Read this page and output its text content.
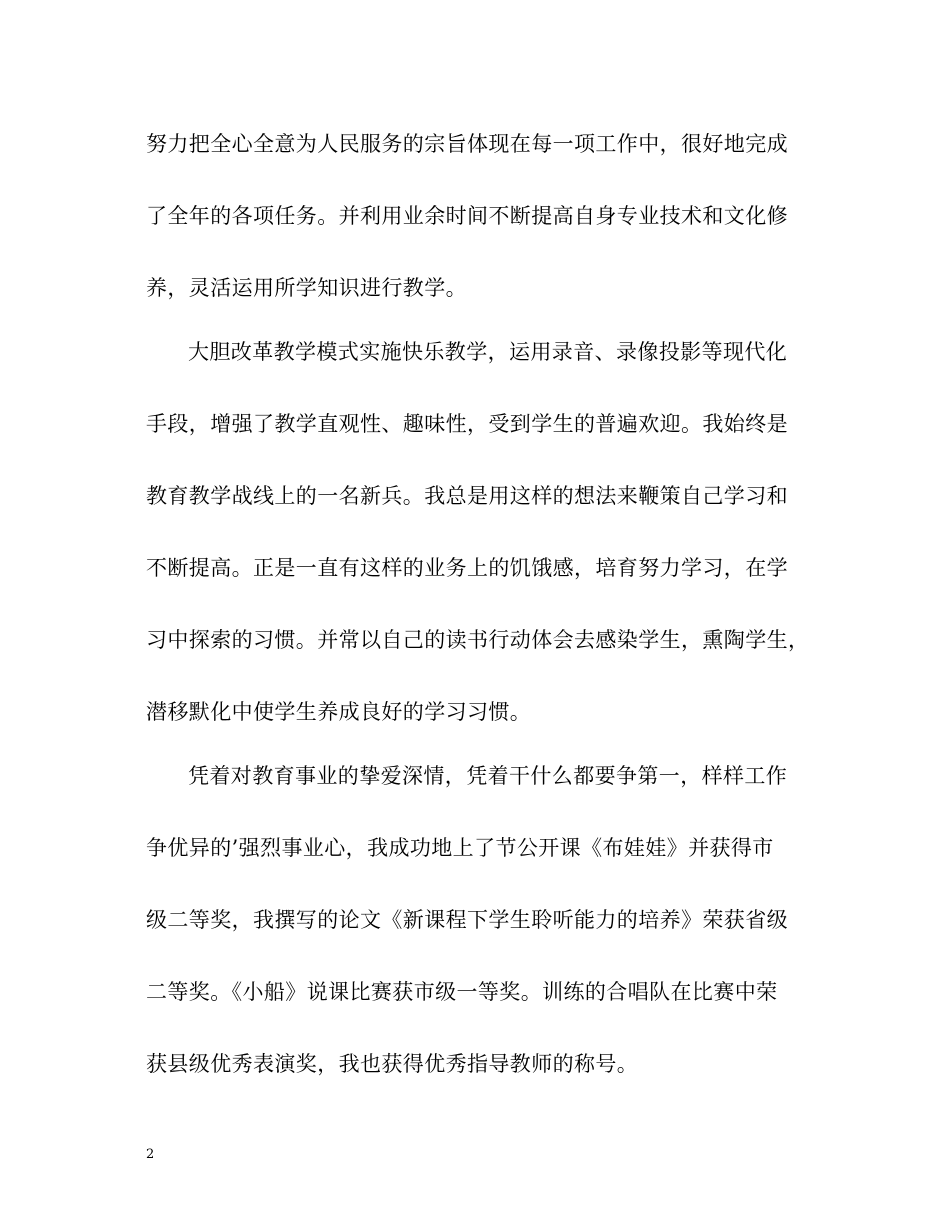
努力把全心全意为人民服务的宗旨体现在每一项工作中，很好地完成
了全年的各项任务。并利用业余时间不断提高自身专业技术和文化修
养，灵活运用所学知识进行教学。
大胆改革教学模式实施快乐教学，运用录音、录像投影等现代化
手段，增强了教学直观性、趣味性，受到学生的普遍欢迎。我始终是
教育教学战线上的一名新兵。我总是用这样的想法来鞭策自己学习和
不断提高。正是一直有这样的业务上的饥饿感，培育努力学习，在学
习中探索的习惯。并常以自己的读书行动体会去感染学生，熏陶学生，
潜移默化中使学生养成良好的学习习惯。
凭着对教育事业的挚爱深情，凭着干什么都要争第一，样样工作
争优异的’强烈事业心，我成功地上了节公开课《布娃娃》并获得市
级二等奖，我撰写的论文《新课程下学生聆听能力的培养》荣获省级
二等奖。《小船》说课比赛获市级一等奖。训练的合唱队在比赛中荣
获县级优秀表演奖，我也获得优秀指导教师的称号。
2
